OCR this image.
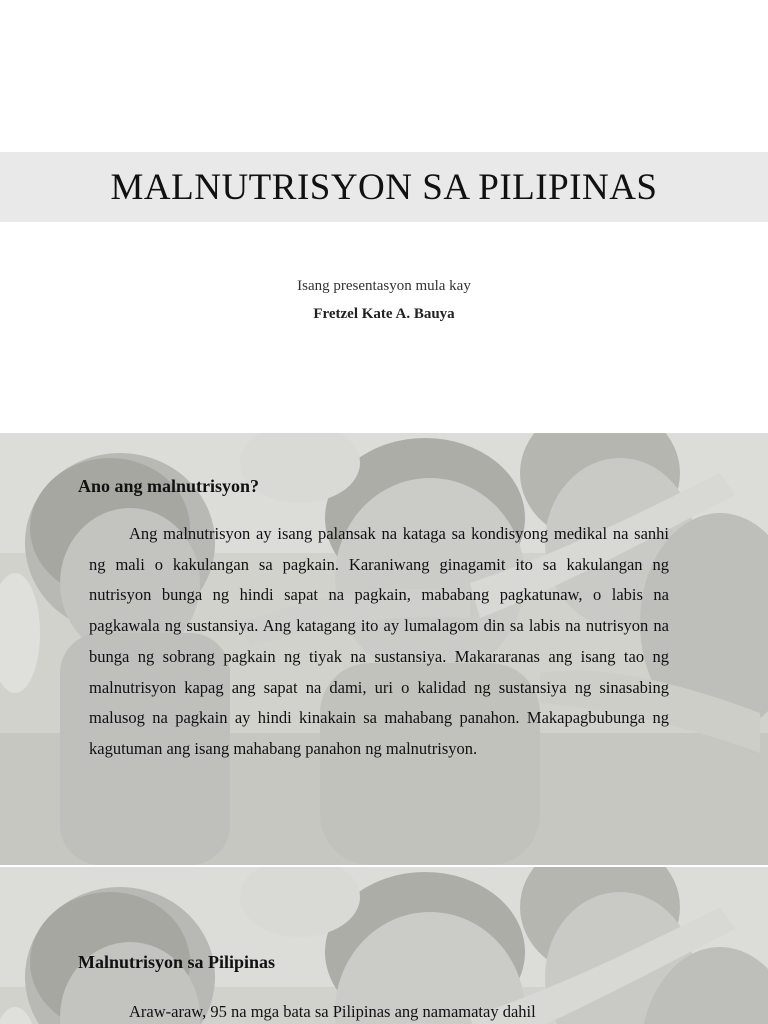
MALNUTRISYON SA PILIPINAS
Isang presentasyon mula kay
Fretzel Kate A. Bauya
Ano ang malnutrisyon?

Ang malnutrisyon ay isang palansak na kataga sa kondisyong medikal na sanhi ng mali o kakulangan sa pagkain. Karaniwang ginagamit ito sa kakulangan ng nutrisyon bunga ng hindi sapat na pagkain, mababang pagkatunaw, o labis na pagkawala ng sustansiya. Ang katagang ito ay lumalagom din sa labis na nutrisyon na bunga ng sobrang pagkain ng tiyak na sustansiya. Makararanas ang isang tao ng malnutrisyon kapag ang sapat na dami, uri o kalidad ng sustansiya ng sinasabing malusog na pagkain ay hindi kinakain sa mahabang panahon. Makapagbubunga ng kagutuman ang isang mahabang panahon ng malnutrisyon.

Malnutrisyon sa Pilipinas

Araw-araw, 95 na mga bata sa Pilipinas ang namamatay dahil
